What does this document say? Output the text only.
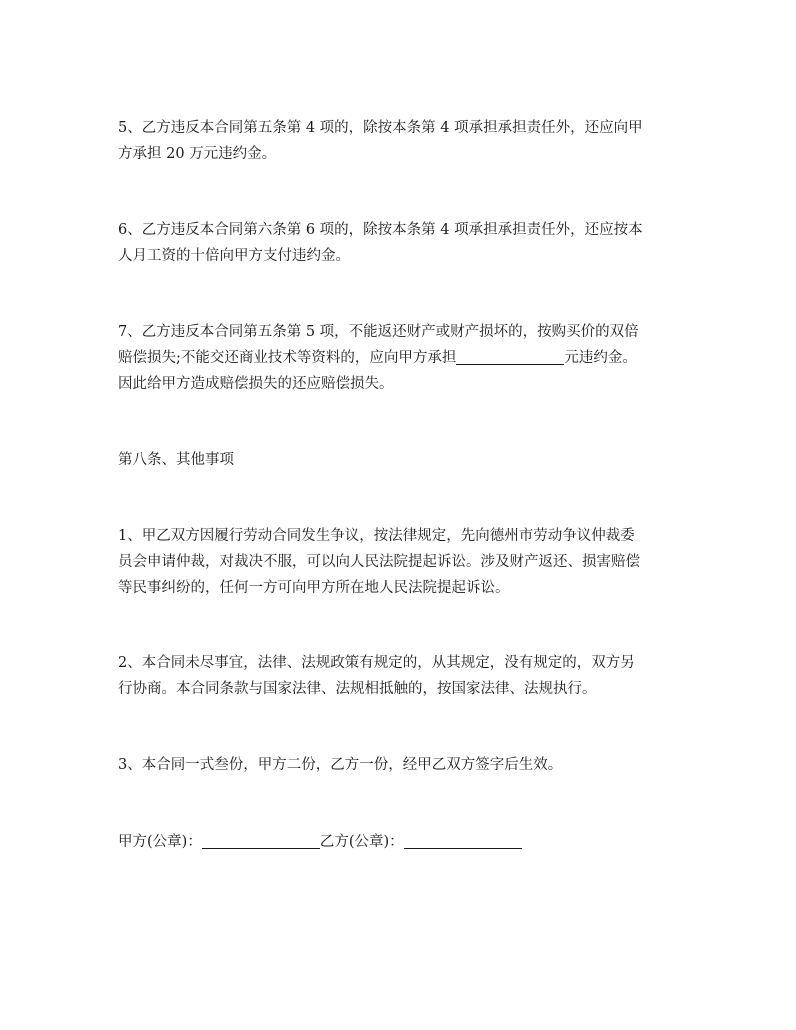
5、乙方违反本合同第五条第 4 项的，除按本条第 4 项承担承担责任外，还应向甲
方承担 20 万元违约金。

6、乙方违反本合同第六条第 6 项的，除按本条第 4 项承担承担责任外，还应按本
人月工资的十倍向甲方支付违约金。

7、乙方违反本合同第五条第 5 项，不能返还财产或财产损坏的，按购买价的双倍
赔偿损失;不能交还商业技术等资料的，应向甲方承担	元违约金。
因此给甲方造成赔偿损失的还应赔偿损失。

第八条、其他事项

1、甲乙双方因履行劳动合同发生争议，按法律规定，先向德州市劳动争议仲裁委
员会申请仲裁，对裁决不服，可以向人民法院提起诉讼。涉及财产返还、损害赔偿
等民事纠纷的，任何一方可向甲方所在地人民法院提起诉讼。

2、本合同未尽事宜，法律、法规政策有规定的，从其规定，没有规定的，双方另
行协商。本合同条款与国家法律、法规相抵触的，按国家法律、法规执行。

3、本合同一式叁份，甲方二份，乙方一份，经甲乙双方签字后生效。

甲方(公章)：	乙方(公章)：
